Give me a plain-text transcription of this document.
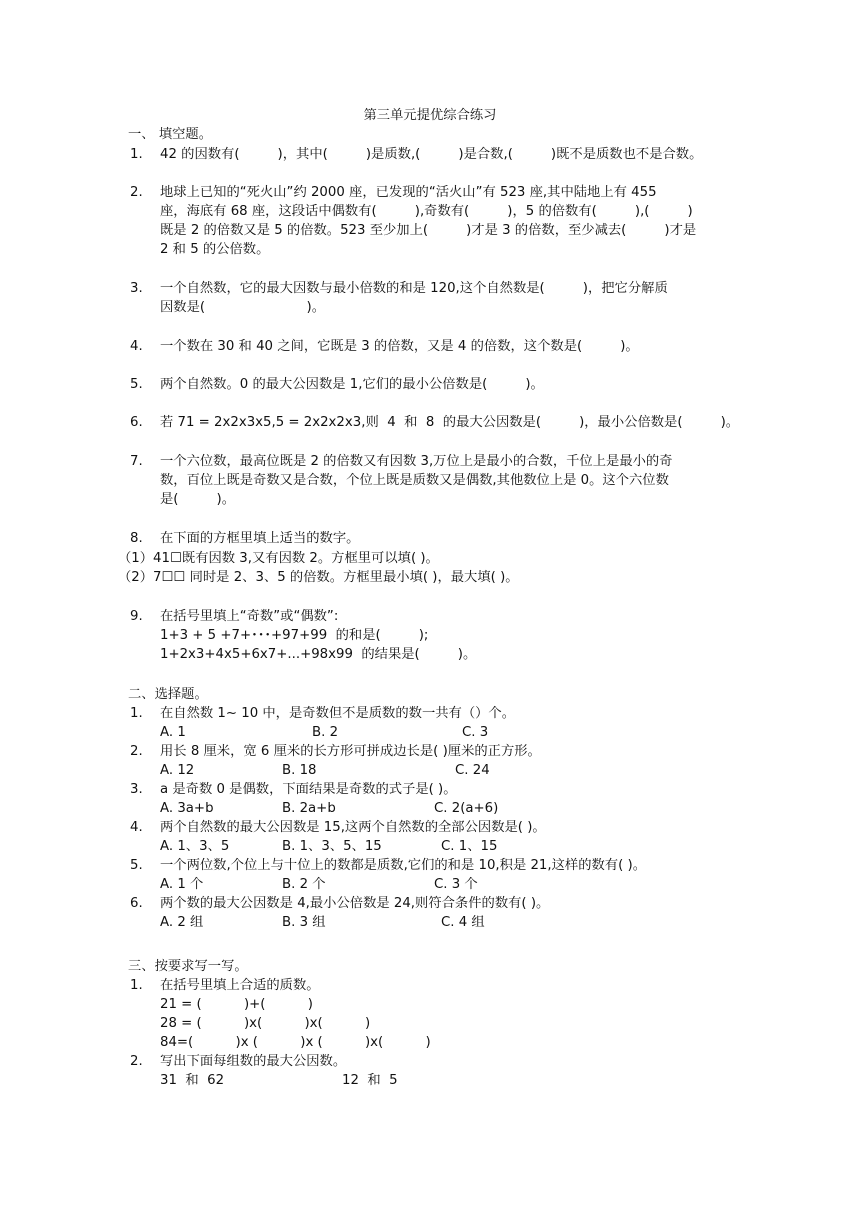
第三单元提优综合练习
一、 填空题。
1.	42 的因数有(         )，其中(         )是质数,(         )是合数,(         )既不是质数也不是合数。
2.	地球上已知的“死火山”约 2000 座，已发现的“活火山”有 523 座,其中陆地上有 455
座，海底有 68 座，这段话中偶数有(         ),奇数有(         )，5 的倍数有(         ),(         )
既是 2 的倍数又是 5 的倍数。523 至少加上(         )才是 3 的倍数，至少减去(         )才是
2 和 5 的公倍数。
3.	一个自然数，它的最大因数与最小倍数的和是 120,这个自然数是(         )，把它分解质
因数是(                        )。
4.	一个数在 30 和 40 之间，它既是 3 的倍数，又是 4 的倍数，这个数是(         )。
5.	两个自然数。0 的最大公因数是 1,它们的最小公倍数是(         )。
6.	若 71 = 2x2x3x5,5 = 2x2x2x3,则  4  和  8  的最大公因数是(         )，最小公倍数是(         )。
7.	一个六位数，最高位既是 2 的倍数又有因数 3,万位上是最小的合数，千位上是最小的奇
数，百位上既是奇数又是合数，个位上既是质数又是偶数,其他数位上是 0。这个六位数
是(         )。
8.	在下面的方框里填上适当的数字。
（1）41☐既有因数 3,又有因数 2。方框里可以填( )。
（2）7☐☐ 同时是 2、3、5 的倍数。方框里最小填( )，最大填( )。
9.	在括号里填上“奇数”或“偶数”:
1+3 + 5 +7+･･･+97+99  的和是(         );
1+2x3+4x5+6x7+...+98x99  的结果是(         )。
二、选择题。
1.	在自然数 1~ 10 中，是奇数但不是质数的数一共有（）个。
A. 1	B. 2	C. 3
2.	用长 8 厘米，宽 6 厘米的长方形可拼成边长是( )厘米的正方形。
A. 12	B. 18	C. 24
3.	a 是奇数 0 是偶数，下面结果是奇数的式子是( )。
A. 3a+b	B. 2a+b	C. 2(a+6)
4.	两个自然数的最大公因数是 15,这两个自然数的全部公因数是( )。
A. 1、3、5	B. 1、3、5、15	C. 1、15
5.	一个两位数,个位上与十位上的数都是质数,它们的和是 10,积是 21,这样的数有( )。
A. 1 个	B. 2 个	C. 3 个
6.	两个数的最大公因数是 4,最小公倍数是 24,则符合条件的数有( )。
A. 2 组	B. 3 组	C. 4 组
三、按要求写一写。
1.	在括号里填上合适的质数。
21 = (          )+(          )
28 = (          )x(          )x(          )
84=(          )x (          )x (          )x(          )
2.	写出下面每组数的最大公因数。
31  和  62	12  和  5
